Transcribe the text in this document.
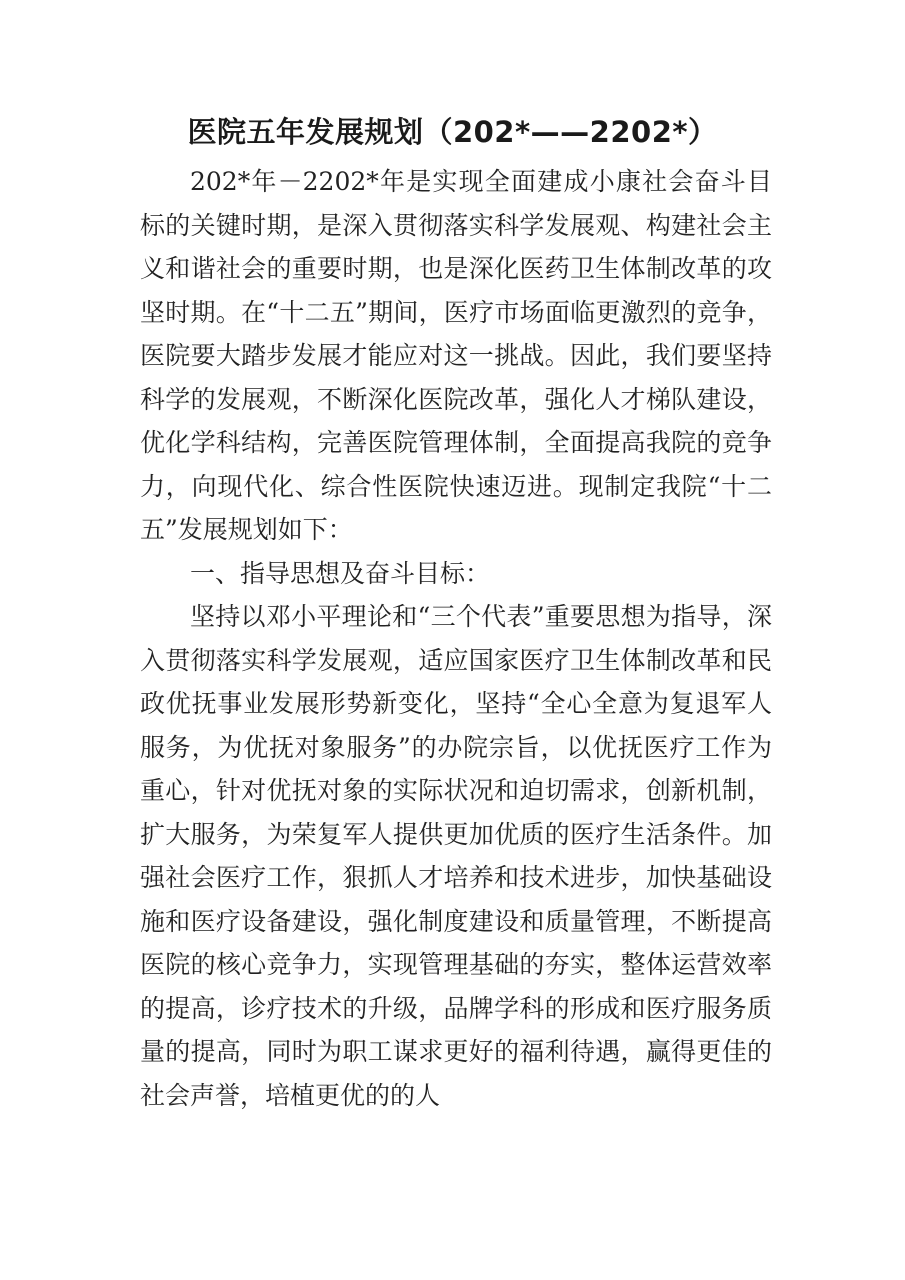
医院五年发展规划（202*——2202*）

202*年－2202*年是实现全面建成小康社会奋斗目标的关键时期，是深入贯彻落实科学发展观、构建社会主义和谐社会的重要时期，也是深化医药卫生体制改革的攻坚时期。在“十二五”期间，医疗市场面临更激烈的竞争，医院要大踏步发展才能应对这一挑战。因此，我们要坚持科学的发展观，不断深化医院改革，强化人才梯队建设，优化学科结构，完善医院管理体制，全面提高我院的竞争力，向现代化、综合性医院快速迈进。现制定我院“十二五”发展规划如下：

一、指导思想及奋斗目标：

坚持以邓小平理论和“三个代表”重要思想为指导，深入贯彻落实科学发展观，适应国家医疗卫生体制改革和民政优抚事业发展形势新变化，坚持“全心全意为复退军人服务，为优抚对象服务”的办院宗旨，以优抚医疗工作为重心，针对优抚对象的实际状况和迫切需求，创新机制，扩大服务，为荣复军人提供更加优质的医疗生活条件。加强社会医疗工作，狠抓人才培养和技术进步，加快基础设施和医疗设备建设，强化制度建设和质量管理，不断提高医院的核心竞争力，实现管理基础的夯实，整体运营效率的提高，诊疗技术的升级，品牌学科的形成和医疗服务质量的提高，同时为职工谋求更好的福利待遇，赢得更佳的社会声誉，培植更优的的人
